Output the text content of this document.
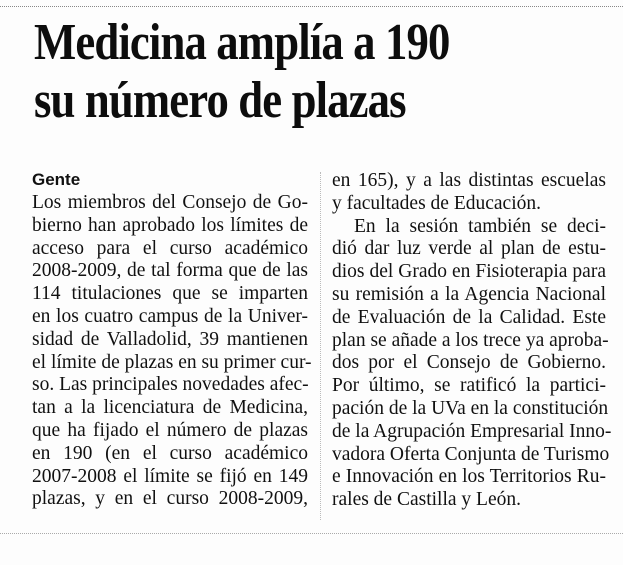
Medicina amplía a 190
su número de plazas
Gente
Los miembros del Consejo de Go-
bierno han aprobado los límites de
acceso para el curso académico
2008-2009, de tal forma que de las
114 titulaciones que se imparten
en los cuatro campus de la Univer-
sidad de Valladolid, 39 mantienen
el límite de plazas en su primer cur-
so. Las principales novedades afec-
tan a la licenciatura de Medicina,
que ha fijado el número de plazas
en 190 (en el curso académico
2007-2008 el límite se fijó en 149
plazas, y en el curso 2008-2009,
en 165), y a las distintas escuelas
y facultades de Educación.
En la sesión también se deci-
dió dar luz verde al plan de estu-
dios del Grado en Fisioterapia para
su remisión a la Agencia Nacional
de Evaluación de la Calidad. Este
plan se añade a los trece ya aproba-
dos por el Consejo de Gobierno.
Por último, se ratificó la partici-
pación de la UVa en la constitución
de la Agrupación Empresarial Inno-
vadora Oferta Conjunta de Turismo
e Innovación en los Territorios Ru-
rales de Castilla y León.
